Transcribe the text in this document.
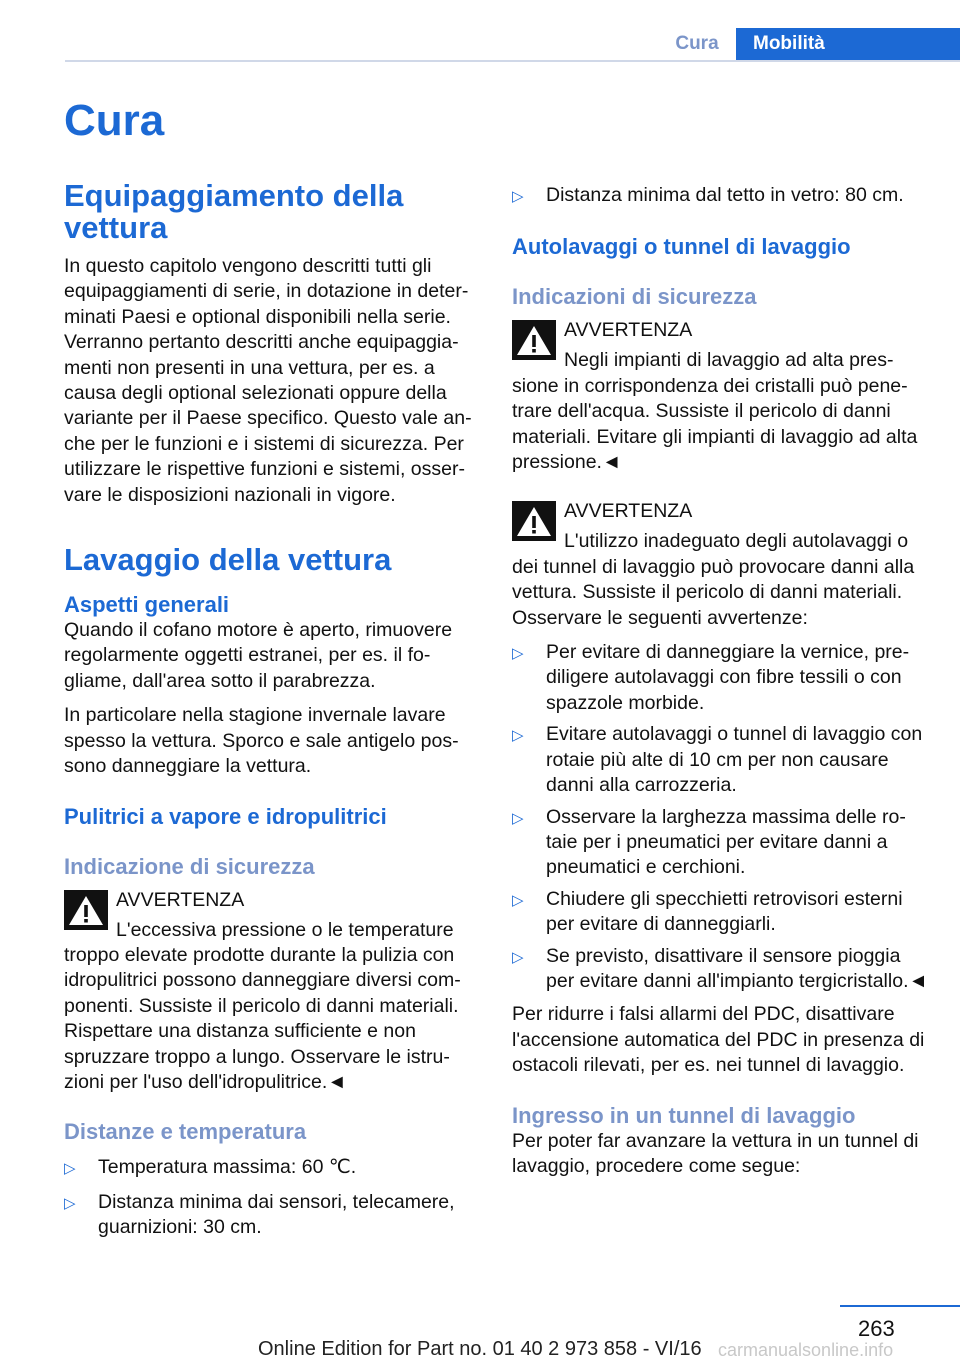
Cura	Mobilità
Cura
Equipaggiamento della vettura

In questo capitolo vengono descritti tutti gli equipaggiamenti di serie, in dotazione in determinati Paesi e optional disponibili nella serie. Verranno pertanto descritti anche equipaggiamenti non presenti in una vettura, per es. a causa degli optional selezionati oppure della variante per il Paese specifico. Questo vale anche per le funzioni e i sistemi di sicurezza. Per utilizzare le rispettive funzioni e sistemi, osservare le disposizioni nazionali in vigore.

Lavaggio della vettura
Aspetti generali

Quando il cofano motore è aperto, rimuovere regolarmente oggetti estranei, per es. il fogliame, dall'area sotto il parabrezza.

In particolare nella stagione invernale lavare spesso la vettura. Sporco e sale antigelo possono danneggiare la vettura.

Pulitrici a vapore e idropulitrici
Indicazione di sicurezza
AVVERTENZA

L'eccessiva pressione o le temperature troppo elevate prodotte durante la pulizia con idropulitrici possono danneggiare diversi componenti. Sussiste il pericolo di danni materiali. Rispettare una distanza sufficiente e non spruzzare troppo a lungo. Osservare le istruzioni per l'uso dell'idropulitrice.◄

Distanze e temperatura
▷ Temperatura massima: 60 ℃.
▷ Distanza minima dai sensori, telecamere, guarnizioni: 30 cm.
▷ Distanza minima dal tetto in vetro: 80 cm.
Autolavaggi o tunnel di lavaggio
Indicazioni di sicurezza
AVVERTENZA

Negli impianti di lavaggio ad alta pressione in corrispondenza dei cristalli può penetrare dell'acqua. Sussiste il pericolo di danni materiali. Evitare gli impianti di lavaggio ad alta pressione.◄

AVVERTENZA

L'utilizzo inadeguato degli autolavaggi o dei tunnel di lavaggio può provocare danni alla vettura. Sussiste il pericolo di danni materiali. Osservare le seguenti avvertenze:

▷ Per evitare di danneggiare la vernice, prediligere autolavaggi con fibre tessili o con spazzole morbide.
▷ Evitare autolavaggi o tunnel di lavaggio con rotaie più alte di 10 cm per non causare danni alla carrozzeria.
▷ Osservare la larghezza massima delle rotaie per i pneumatici per evitare danni a pneumatici e cerchioni.
▷ Chiudere gli specchietti retrovisori esterni per evitare di danneggiarli.
▷ Se previsto, disattivare il sensore pioggia per evitare danni all'impianto tergicristallo.◄

Per ridurre i falsi allarmi del PDC, disattivare l'accensione automatica del PDC in presenza di ostacoli rilevati, per es. nei tunnel di lavaggio.

Ingresso in un tunnel di lavaggio

Per poter far avanzare la vettura in un tunnel di lavaggio, procedere come segue:

263
Online Edition for Part no. 01 40 2 973 858 - VI/16 carmanualsonline.info
